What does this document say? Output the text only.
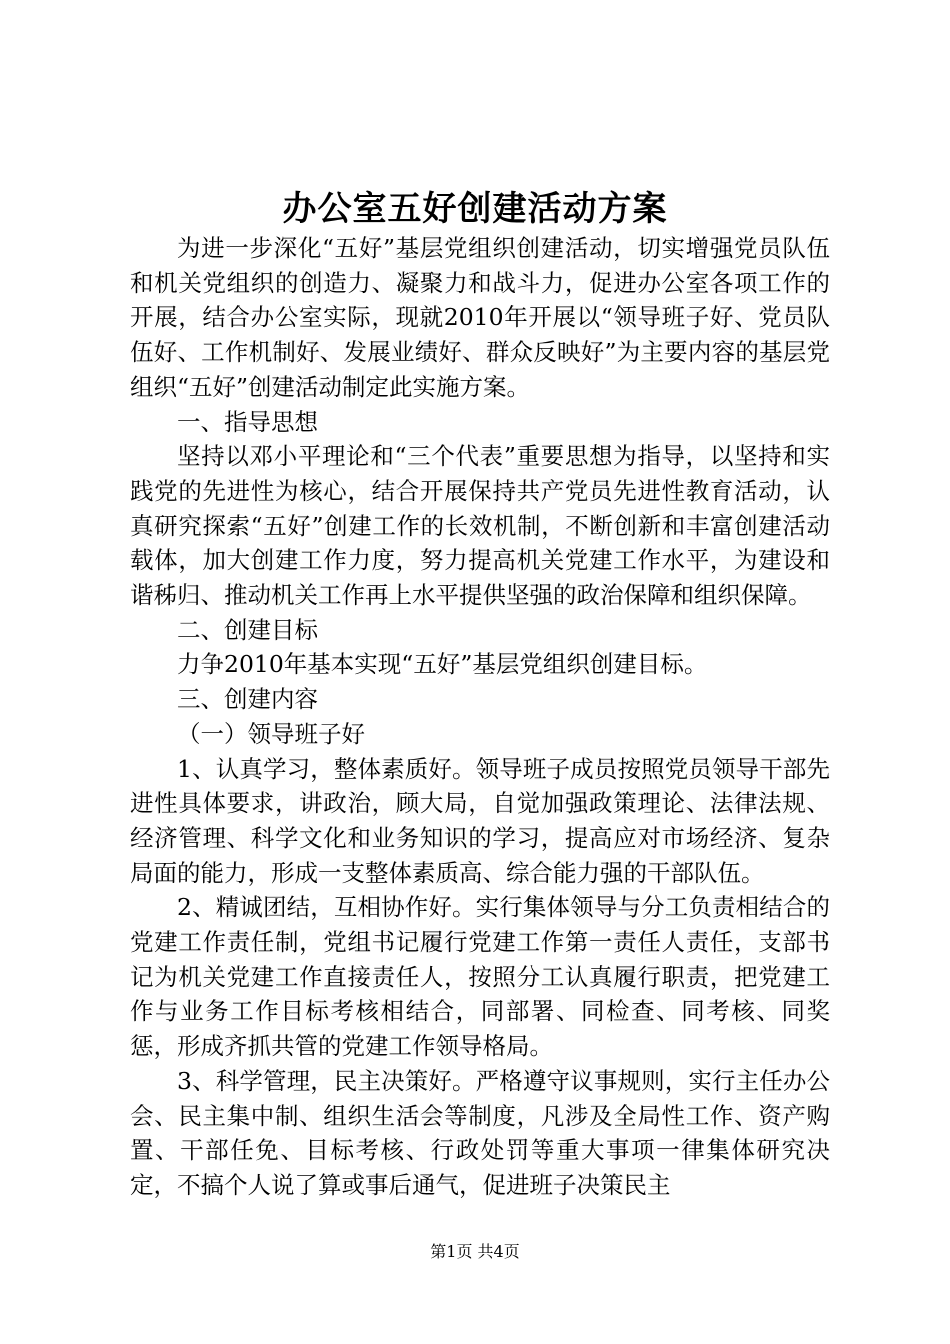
办公室五好创建活动方案

为进一步深化“五好”基层党组织创建活动，切实增强党员队伍和机关党组织的创造力、凝聚力和战斗力，促进办公室各项工作的开展，结合办公室实际，现就2010年开展以“领导班子好、党员队伍好、工作机制好、发展业绩好、群众反映好”为主要内容的基层党组织“五好”创建活动制定此实施方案。

一、指导思想

坚持以邓小平理论和“三个代表”重要思想为指导，以坚持和实践党的先进性为核心，结合开展保持共产党员先进性教育活动，认真研究探索“五好”创建工作的长效机制，不断创新和丰富创建活动载体，加大创建工作力度，努力提高机关党建工作水平，为建设和谐秭归、推动机关工作再上水平提供坚强的政治保障和组织保障。

二、创建目标

力争2010年基本实现“五好”基层党组织创建目标。

三、创建内容

（一）领导班子好

1、认真学习，整体素质好。领导班子成员按照党员领导干部先进性具体要求，讲政治，顾大局，自觉加强政策理论、法律法规、经济管理、科学文化和业务知识的学习，提高应对市场经济、复杂局面的能力，形成一支整体素质高、综合能力强的干部队伍。

2、精诚团结，互相协作好。实行集体领导与分工负责相结合的党建工作责任制，党组书记履行党建工作第一责任人责任，支部书记为机关党建工作直接责任人，按照分工认真履行职责，把党建工作与业务工作目标考核相结合，同部署、同检查、同考核、同奖惩，形成齐抓共管的党建工作领导格局。

3、科学管理，民主决策好。严格遵守议事规则，实行主任办公会、民主集中制、组织生活会等制度，凡涉及全局性工作、资产购置、干部任免、目标考核、行政处罚等重大事项一律集体研究决定，不搞个人说了算或事后通气，促进班子决策民主

第1页 共4页
